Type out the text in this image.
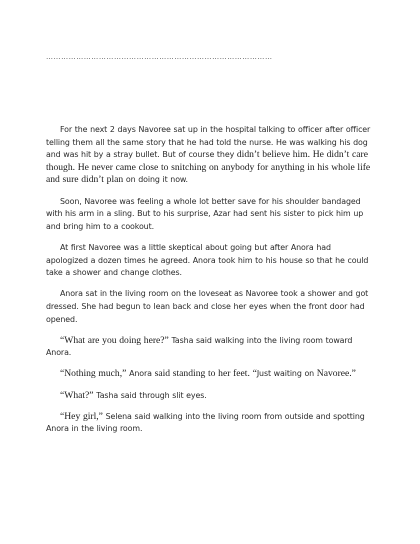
………………………………………………………………………………

For the next 2 days Navoree sat up in the hospital talking to officer after officer telling them all the same story that he had told the nurse. He was walking his dog and was hit by a stray bullet. But of course they didn’t believe him. He didn’t care though. He never came close to snitching on anybody for anything in his whole life and sure didn’t plan on doing it now.

Soon, Navoree was feeling a whole lot better save for his shoulder bandaged with his arm in a sling. But to his surprise, Azar had sent his sister to pick him up and bring him to a cookout.

At first Navoree was a little skeptical about going but after Anora had apologized a dozen times he agreed. Anora took him to his house so that he could take a shower and change clothes.

Anora sat in the living room on the loveseat as Navoree took a shower and got dressed. She had begun to lean back and close her eyes when the front door had opened.

“What are you doing here?” Tasha said walking into the living room toward Anora.

“Nothing much,” Anora said standing to her feet. “Just waiting on Navoree.”

“What?” Tasha said through slit eyes.

“Hey girl,” Selena said walking into the living room from outside and spotting Anora in the living room.
